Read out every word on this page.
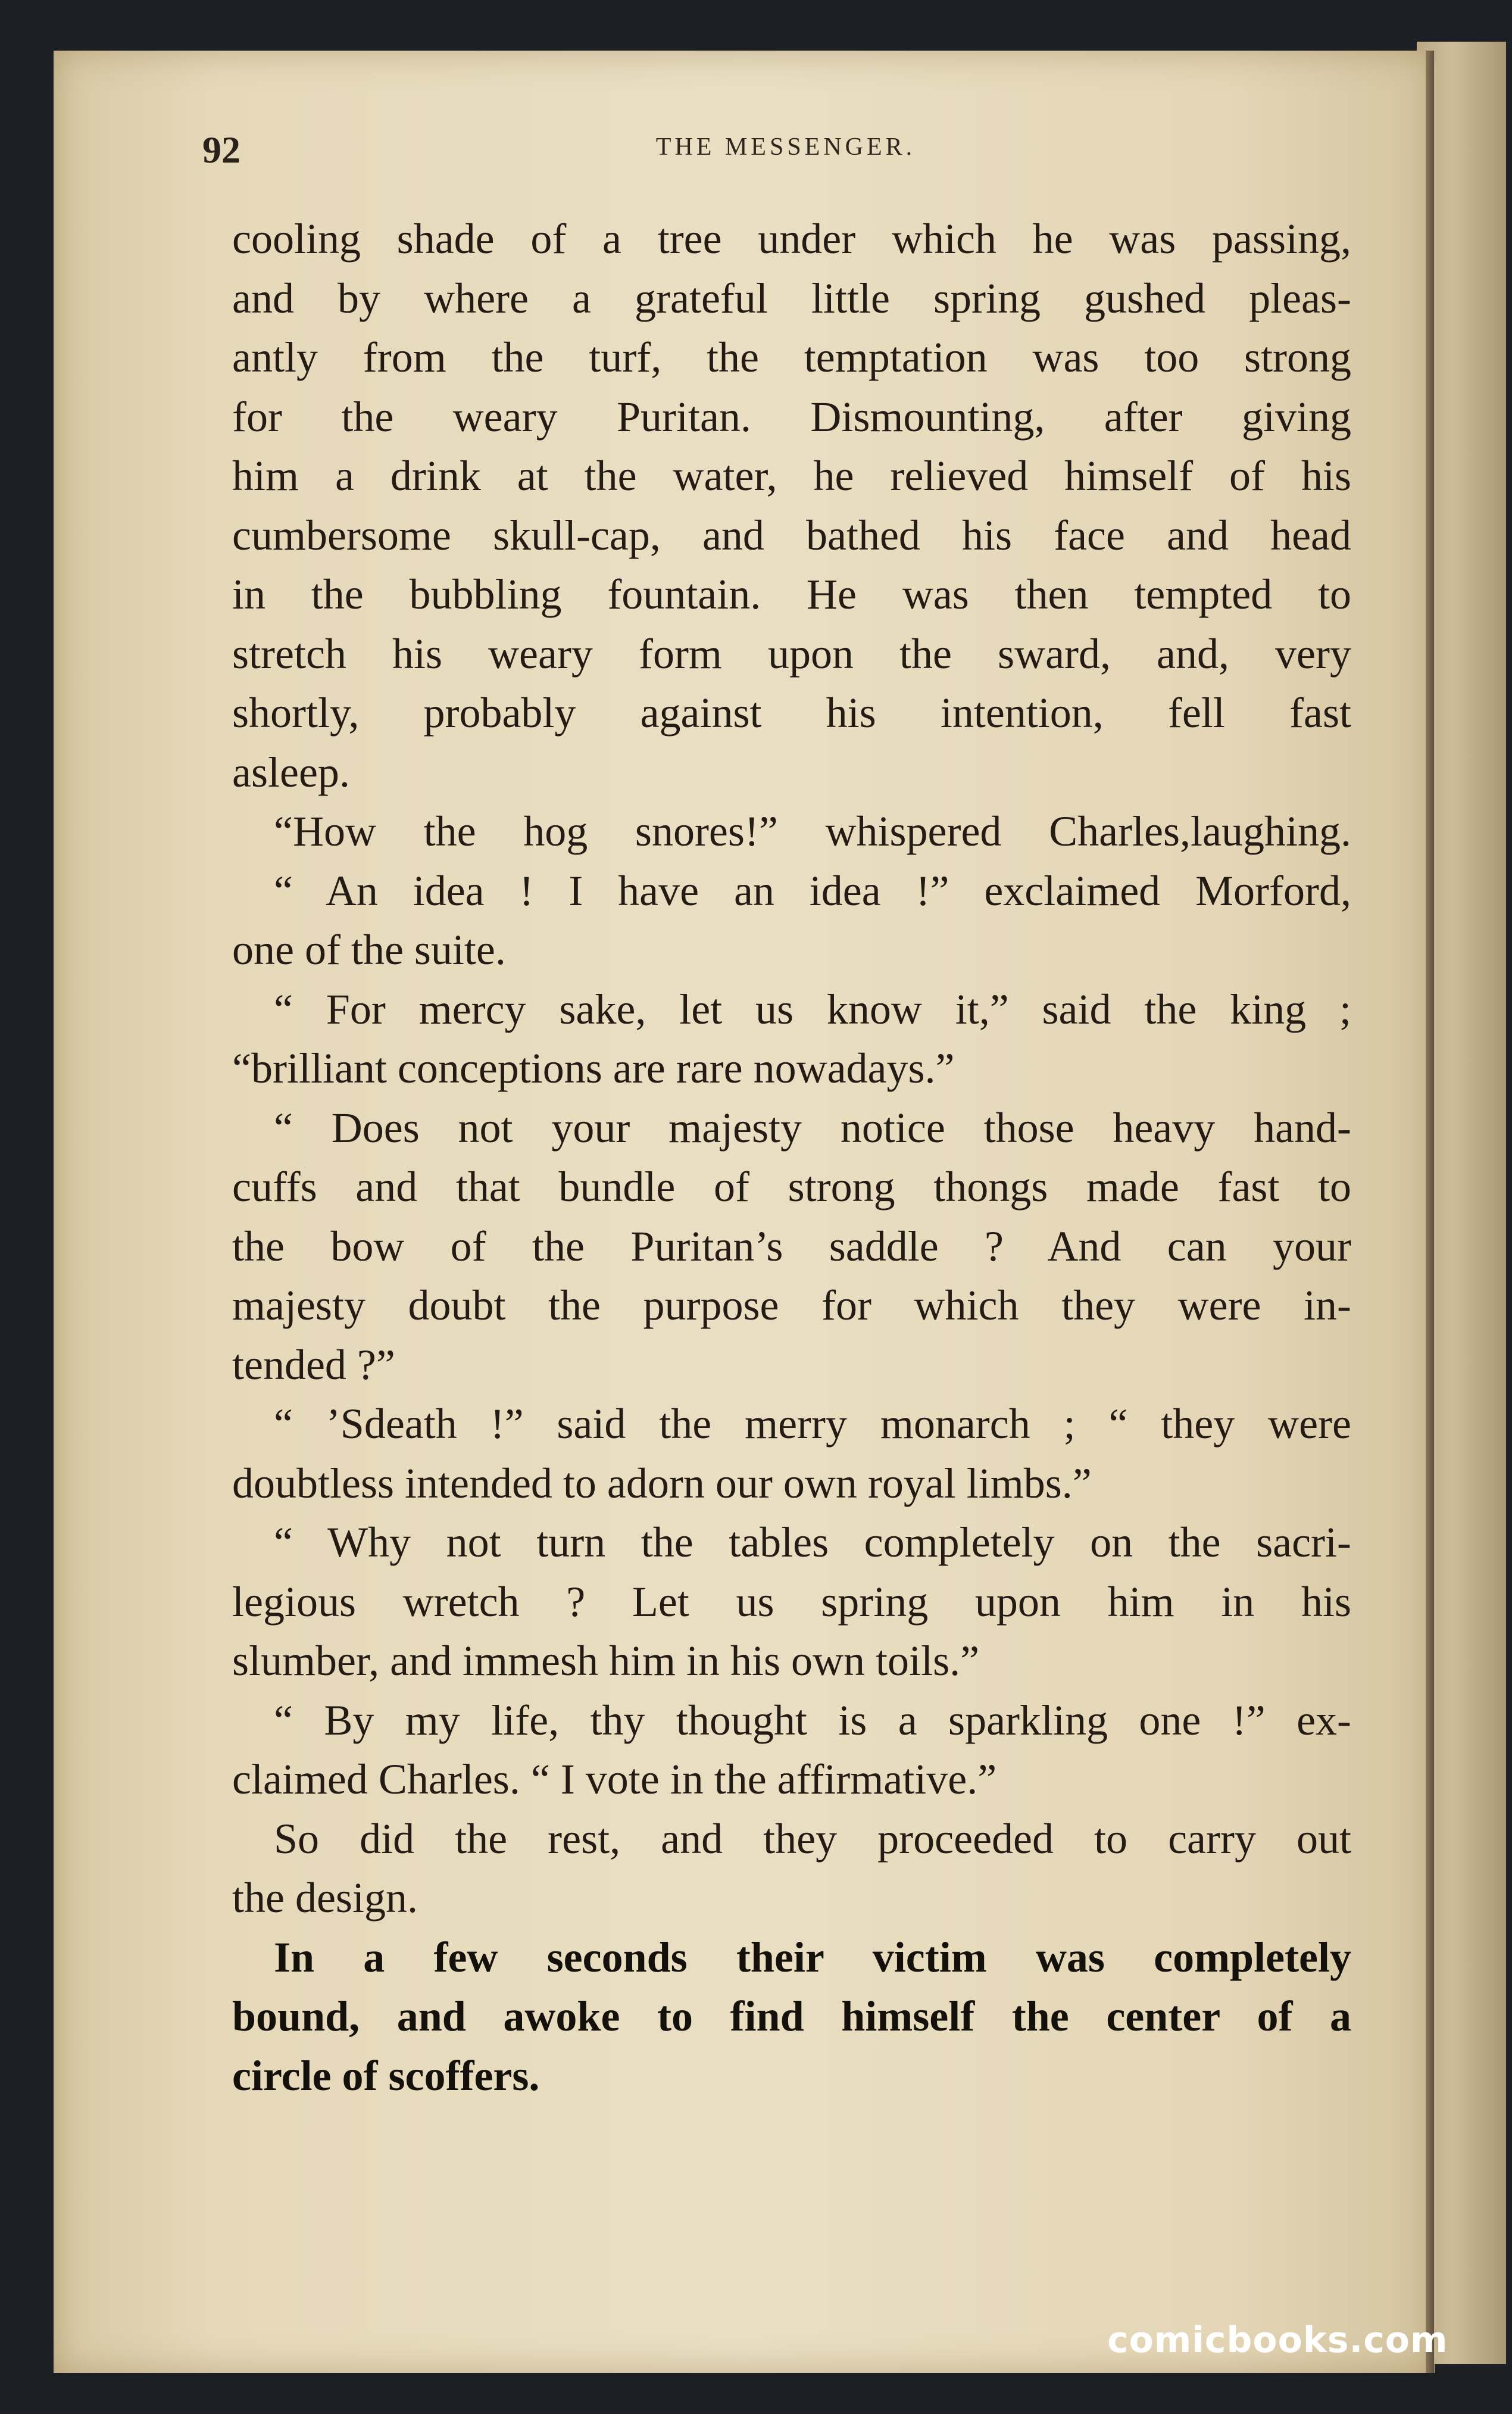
92	THE MESSENGER.
cooling shade of a tree under which he was passing,
and by where a grateful little spring gushed pleas-
antly from the turf, the temptation was too strong
for the weary Puritan. Dismounting, after giving
him a drink at the water, he relieved himself of his
cumbersome skull-cap, and bathed his face and head
in the bubbling fountain. He was then tempted to
stretch his weary form upon the sward, and, very
shortly, probably against his intention, fell fast
asleep.
“How the hog snores!” whispered Charles,laughing.
“ An idea ! I have an idea !” exclaimed Morford,
one of the suite.
“ For mercy sake, let us know it,” said the king ;
“brilliant conceptions are rare nowadays.”
“ Does not your majesty notice those heavy hand-
cuffs and that bundle of strong thongs made fast to
the bow of the Puritan’s saddle ? And can your
majesty doubt the purpose for which they were in-
tended ?”
“ ’Sdeath !” said the merry monarch ; “ they were
doubtless intended to adorn our own royal limbs.”
“ Why not turn the tables completely on the sacri-
legious wretch ? Let us spring upon him in his
slumber, and immesh him in his own toils.”
“ By my life, thy thought is a sparkling one !” ex-
claimed Charles. “ I vote in the affirmative.”
So did the rest, and they proceeded to carry out
the design.
In a few seconds their victim was completely
bound, and awoke to find himself the center of a
circle of scoffers.
comicbooks.com
